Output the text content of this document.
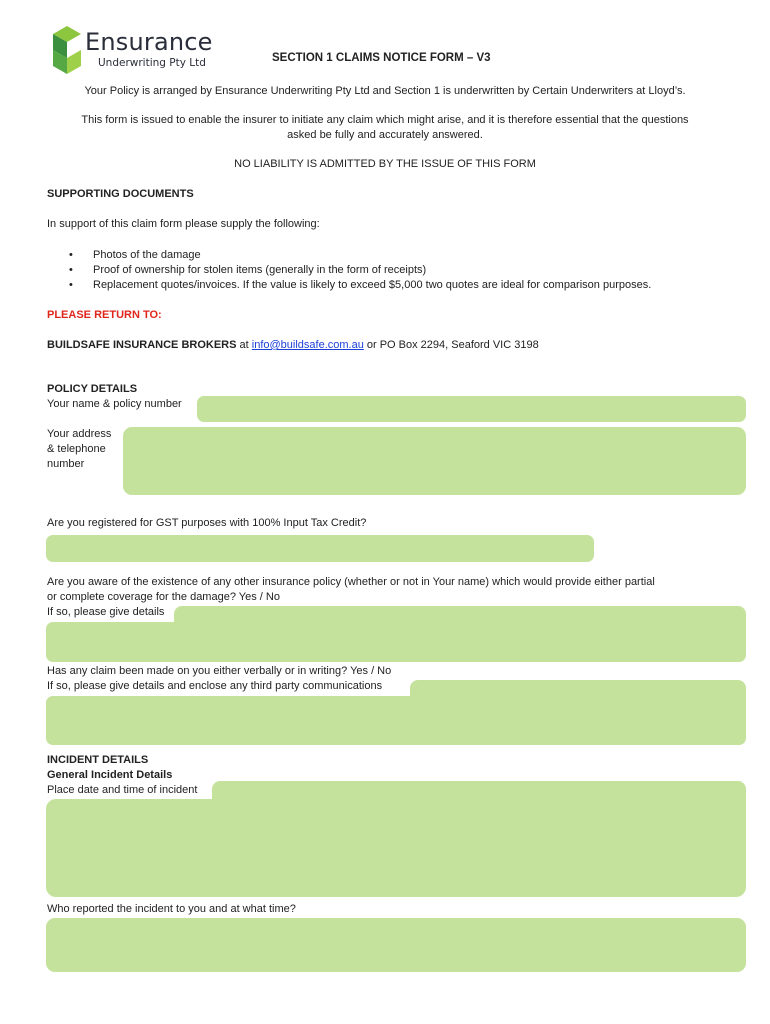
Ensurance
Underwriting Pty Ltd	SECTION 1 CLAIMS NOTICE FORM – V3
Your Policy is arranged by Ensurance Underwriting Pty Ltd and Section 1 is underwritten by Certain Underwriters at Lloyd’s.
This form is issued to enable the insurer to initiate any claim which might arise, and it is therefore essential that the questions
asked be fully and accurately answered.
NO LIABILITY IS ADMITTED BY THE ISSUE OF THIS FORM
SUPPORTING DOCUMENTS
In support of this claim form please supply the following:
• Photos of the damage
• Proof of ownership for stolen items (generally in the form of receipts)
• Replacement quotes/invoices. If the value is likely to exceed $5,000 two quotes are ideal for comparison purposes.
PLEASE RETURN TO:
BUILDSAFE INSURANCE BROKERS at info@buildsafe.com.au or PO Box 2294, Seaford VIC 3198
POLICY DETAILS
Your name & policy number
Your address
& telephone
number
Are you registered for GST purposes with 100% Input Tax Credit?
Are you aware of the existence of any other insurance policy (whether or not in Your name) which would provide either partial
or complete coverage for the damage? Yes / No
If so, please give details
Has any claim been made on you either verbally or in writing? Yes / No
If so, please give details and enclose any third party communications
INCIDENT DETAILS
General Incident Details
Place date and time of incident
Who reported the incident to you and at what time?
